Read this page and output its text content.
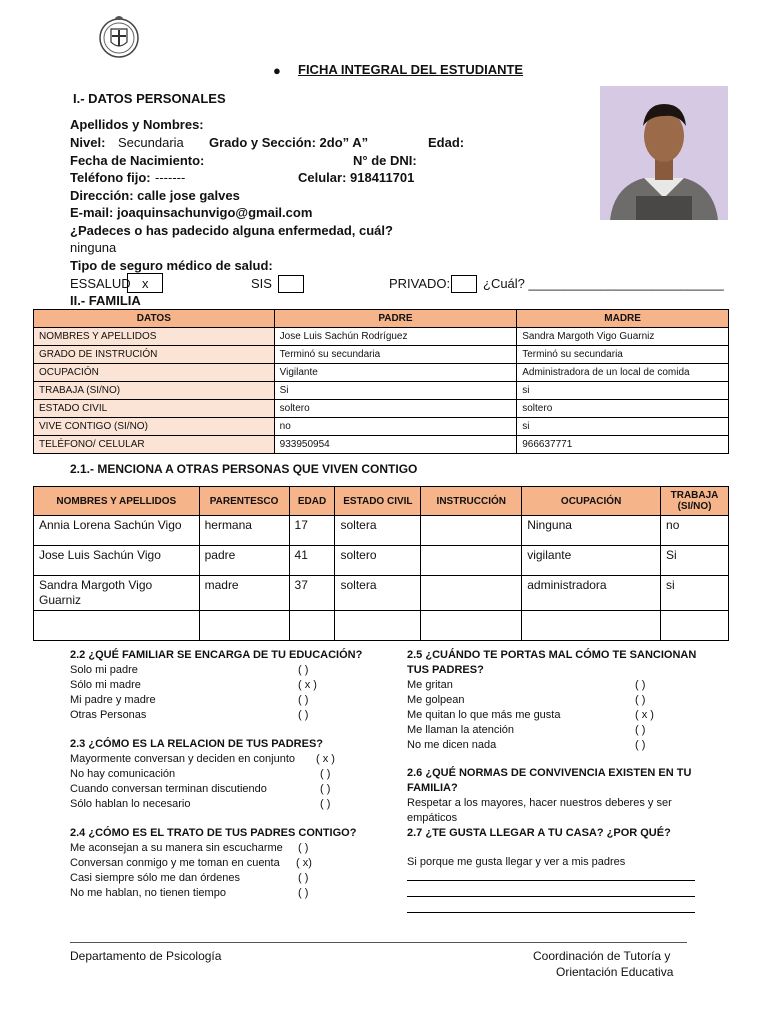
● FICHA INTEGRAL DEL ESTUDIANTE
I.- DATOS PERSONALES
Apellidos y Nombres:
Nivel: Secundaria Grado y Sección: 2do” A”	Edad:
Fecha de Nacimiento:	N° de DNI:
Teléfono fijo: -------	Celular: 918411701
Dirección: calle jose galves
E-mail: joaquinsachunvigo@gmail.com
¿Padeces o has padecido alguna enfermedad, cuál?
ninguna
Tipo de seguro médico de salud:
ESSALUD x	SIS	PRIVADO:	¿Cuál? ___________________________
II.- FAMILIA
DATOS	PADRE	MADRE
NOMBRES Y APELLIDOS	Jose Luis Sachún Rodríguez	Sandra Margoth Vigo Guarniz
GRADO DE INSTRUCIÓN	Terminó su secundaria	Terminó su secundaria
OCUPACIÓN	Vigilante	Administradora de un local de comida
TRABAJA (SI/NO)	Si	si
ESTADO CIVIL	soltero	soltero
VIVE CONTIGO (SI/NO)	no	si
TELÉFONO/ CELULAR	933950954	966637771
2.1.- MENCIONA A OTRAS PERSONAS QUE VIVEN CONTIGO
NOMBRES Y APELLIDOS	PARENTESCO	EDAD	ESTADO CIVIL	INSTRUCCIÓN	OCUPACIÓN	TRABAJA (SI/NO)
Annia Lorena Sachún Vigo	hermana	17	soltera		Ninguna	no
Jose Luis Sachún Vigo	padre	41	soltero		vigilante	Si
Sandra Margoth Vigo Guarniz	madre	37	soltera		administradora	si

2.2 ¿QUÉ FAMILIAR SE ENCARGA DE TU EDUCACIÓN?
Solo mi padre	( )
Sólo mi madre	( x )
Mi padre y madre	( )
Otras Personas	( )
2.3 ¿CÓMO ES LA RELACION DE TUS PADRES?
Mayormente conversan y deciden en conjunto ( x )
No hay comunicación	( )
Cuando conversan terminan discutiendo	( )
Sólo hablan lo necesario	( )
2.4 ¿CÓMO ES EL TRATO DE TUS PADRES CONTIGO?
Me aconsejan a su manera sin escucharme ( )
Conversan conmigo y me toman en cuenta ( x)
Casi siempre sólo me dan órdenes	( )
No me hablan, no tienen tiempo	( )
2.5 ¿CUÁNDO TE PORTAS MAL CÓMO TE SANCIONAN
TUS PADRES?
Me gritan	( )
Me golpean	( )
Me quitan lo que más me gusta	( x )
Me llaman la atención	( )
No me dicen nada	( )
2.6 ¿QUÉ NORMAS DE CONVIVENCIA EXISTEN EN TU
FAMILIA?
Respetar a los mayores, hacer nuestros deberes y ser
empáticos
2.7 ¿TE GUSTA LLEGAR A TU CASA? ¿POR QUÉ?
Si porque me gusta llegar y ver a mis padres
Departamento de Psicología	Coordinación de Tutoría y
Orientación Educativa
